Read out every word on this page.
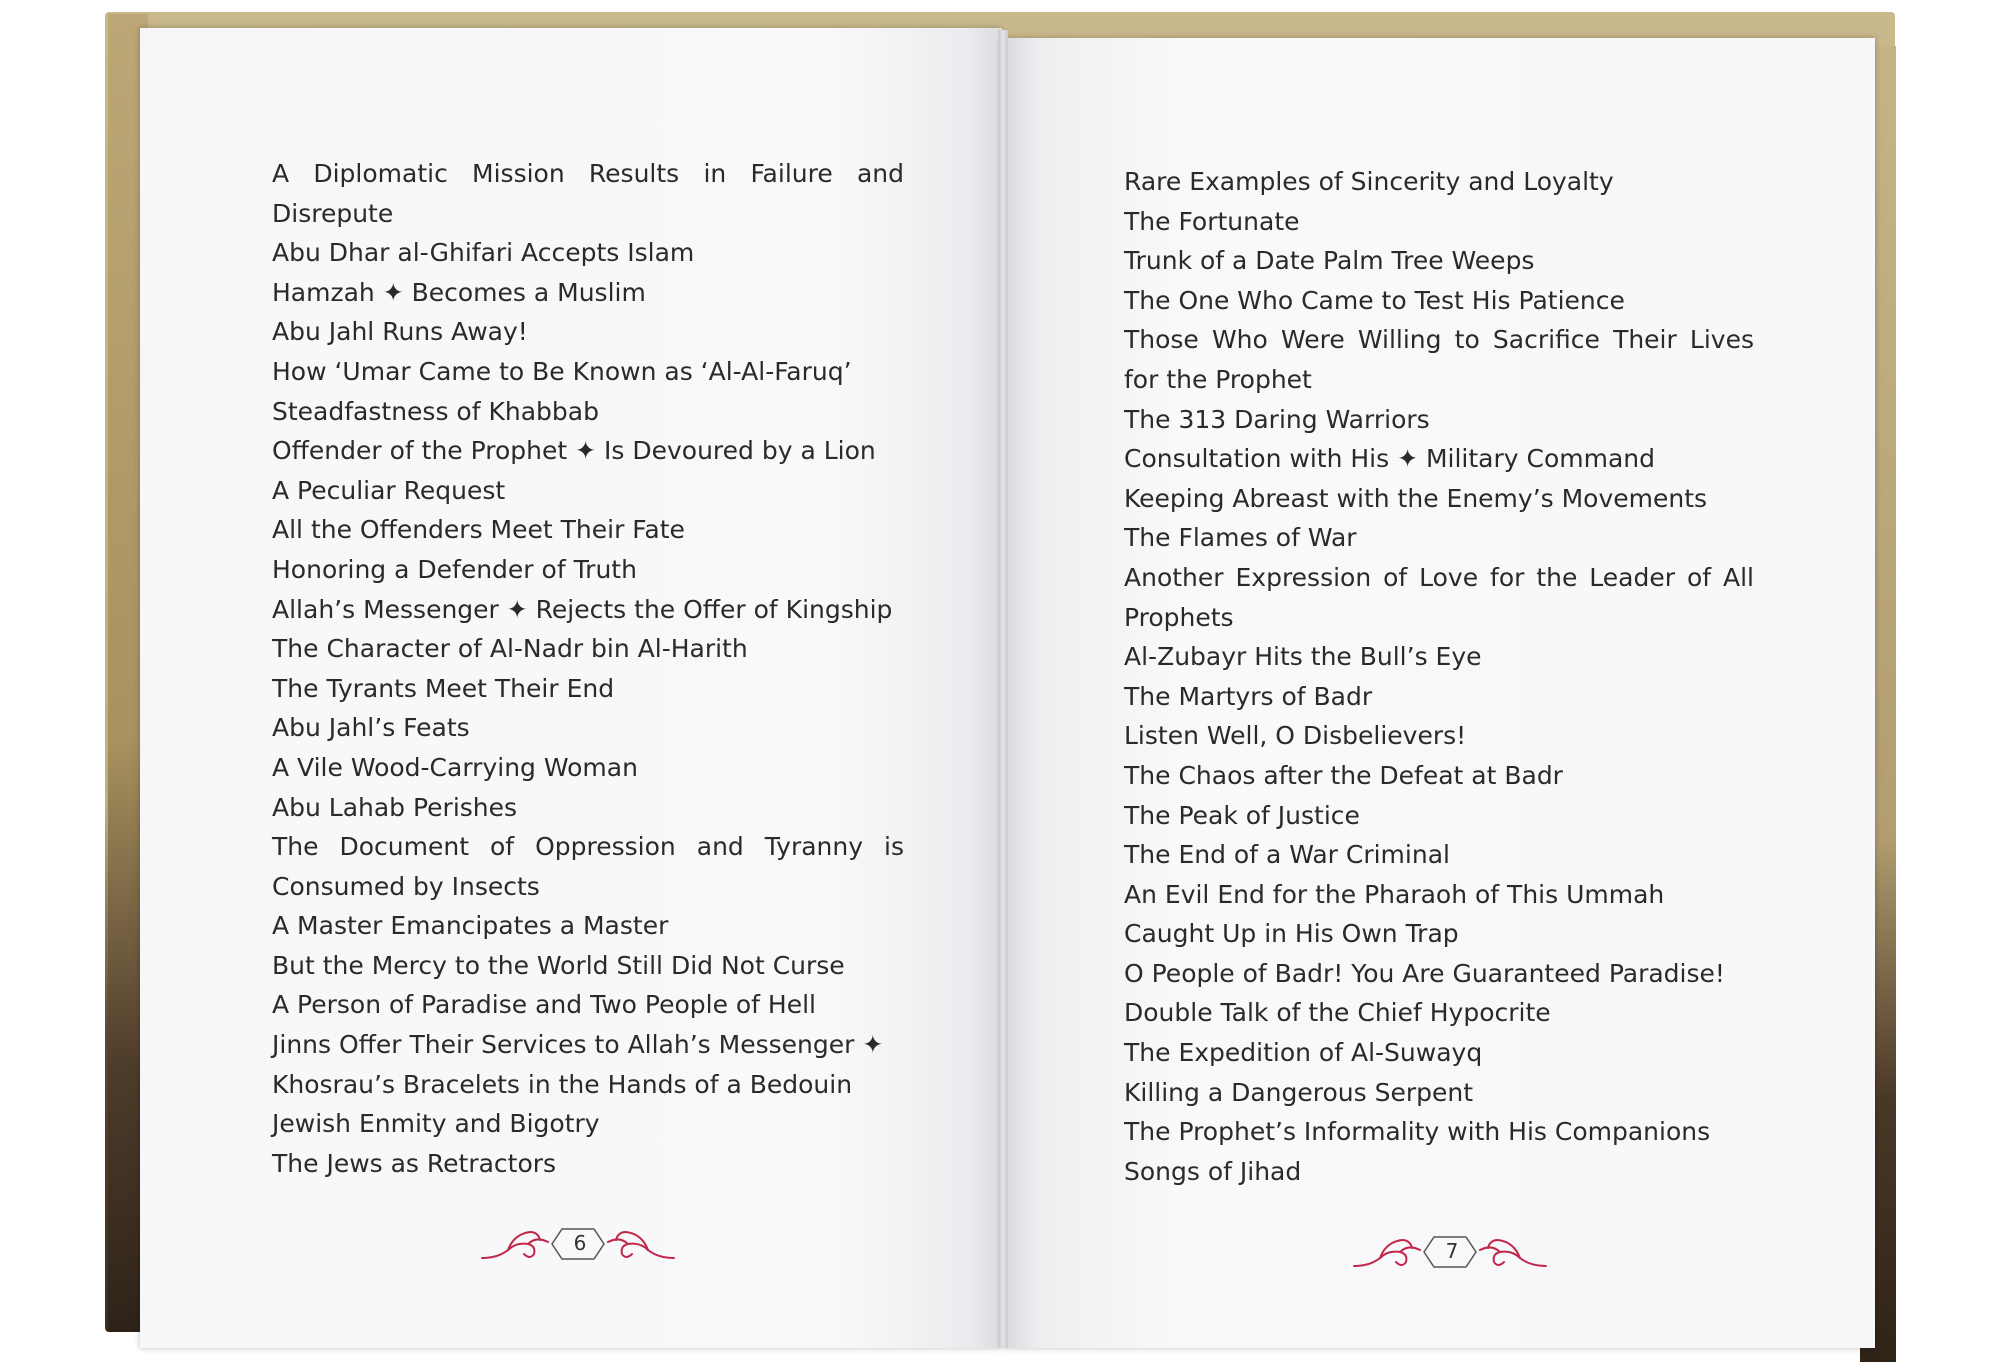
A Diplomatic Mission Results in Failure and Disrepute
Abu Dhar al-Ghifari Accepts Islam
Hamzah ✦ Becomes a Muslim
Abu Jahl Runs Away!
How ‘Umar Came to Be Known as ‘Al-Al-Faruq’
Steadfastness of Khabbab
Offender of the Prophet ✦ Is Devoured by a Lion
A Peculiar Request
All the Offenders Meet Their Fate
Honoring a Defender of Truth
Allah’s Messenger ✦ Rejects the Offer of Kingship
The Character of Al-Nadr bin Al-Harith
The Tyrants Meet Their End
Abu Jahl’s Feats
A Vile Wood-Carrying Woman
Abu Lahab Perishes
The Document of Oppression and Tyranny is Consumed by Insects
A Master Emancipates a Master
But the Mercy to the World Still Did Not Curse
A Person of Paradise and Two People of Hell
Jinns Offer Their Services to Allah’s Messenger ✦
Khosrau’s Bracelets in the Hands of a Bedouin
Jewish Enmity and Bigotry
The Jews as Retractors
Rare Examples of Sincerity and Loyalty
The Fortunate
Trunk of a Date Palm Tree Weeps
The One Who Came to Test His Patience
Those Who Were Willing to Sacrifice Their Lives for the Prophet
The 313 Daring Warriors
Consultation with His ✦ Military Command
Keeping Abreast with the Enemy’s Movements
The Flames of War
Another Expression of Love for the Leader of All Prophets
Al-Zubayr Hits the Bull’s Eye
The Martyrs of Badr
Listen Well, O Disbelievers!
The Chaos after the Defeat at Badr
The Peak of Justice
The End of a War Criminal
An Evil End for the Pharaoh of This Ummah
Caught Up in His Own Trap
O People of Badr! You Are Guaranteed Paradise!
Double Talk of the Chief Hypocrite
The Expedition of Al-Suwayq
Killing a Dangerous Serpent
The Prophet’s Informality with His Companions
Songs of Jihad
6	7
